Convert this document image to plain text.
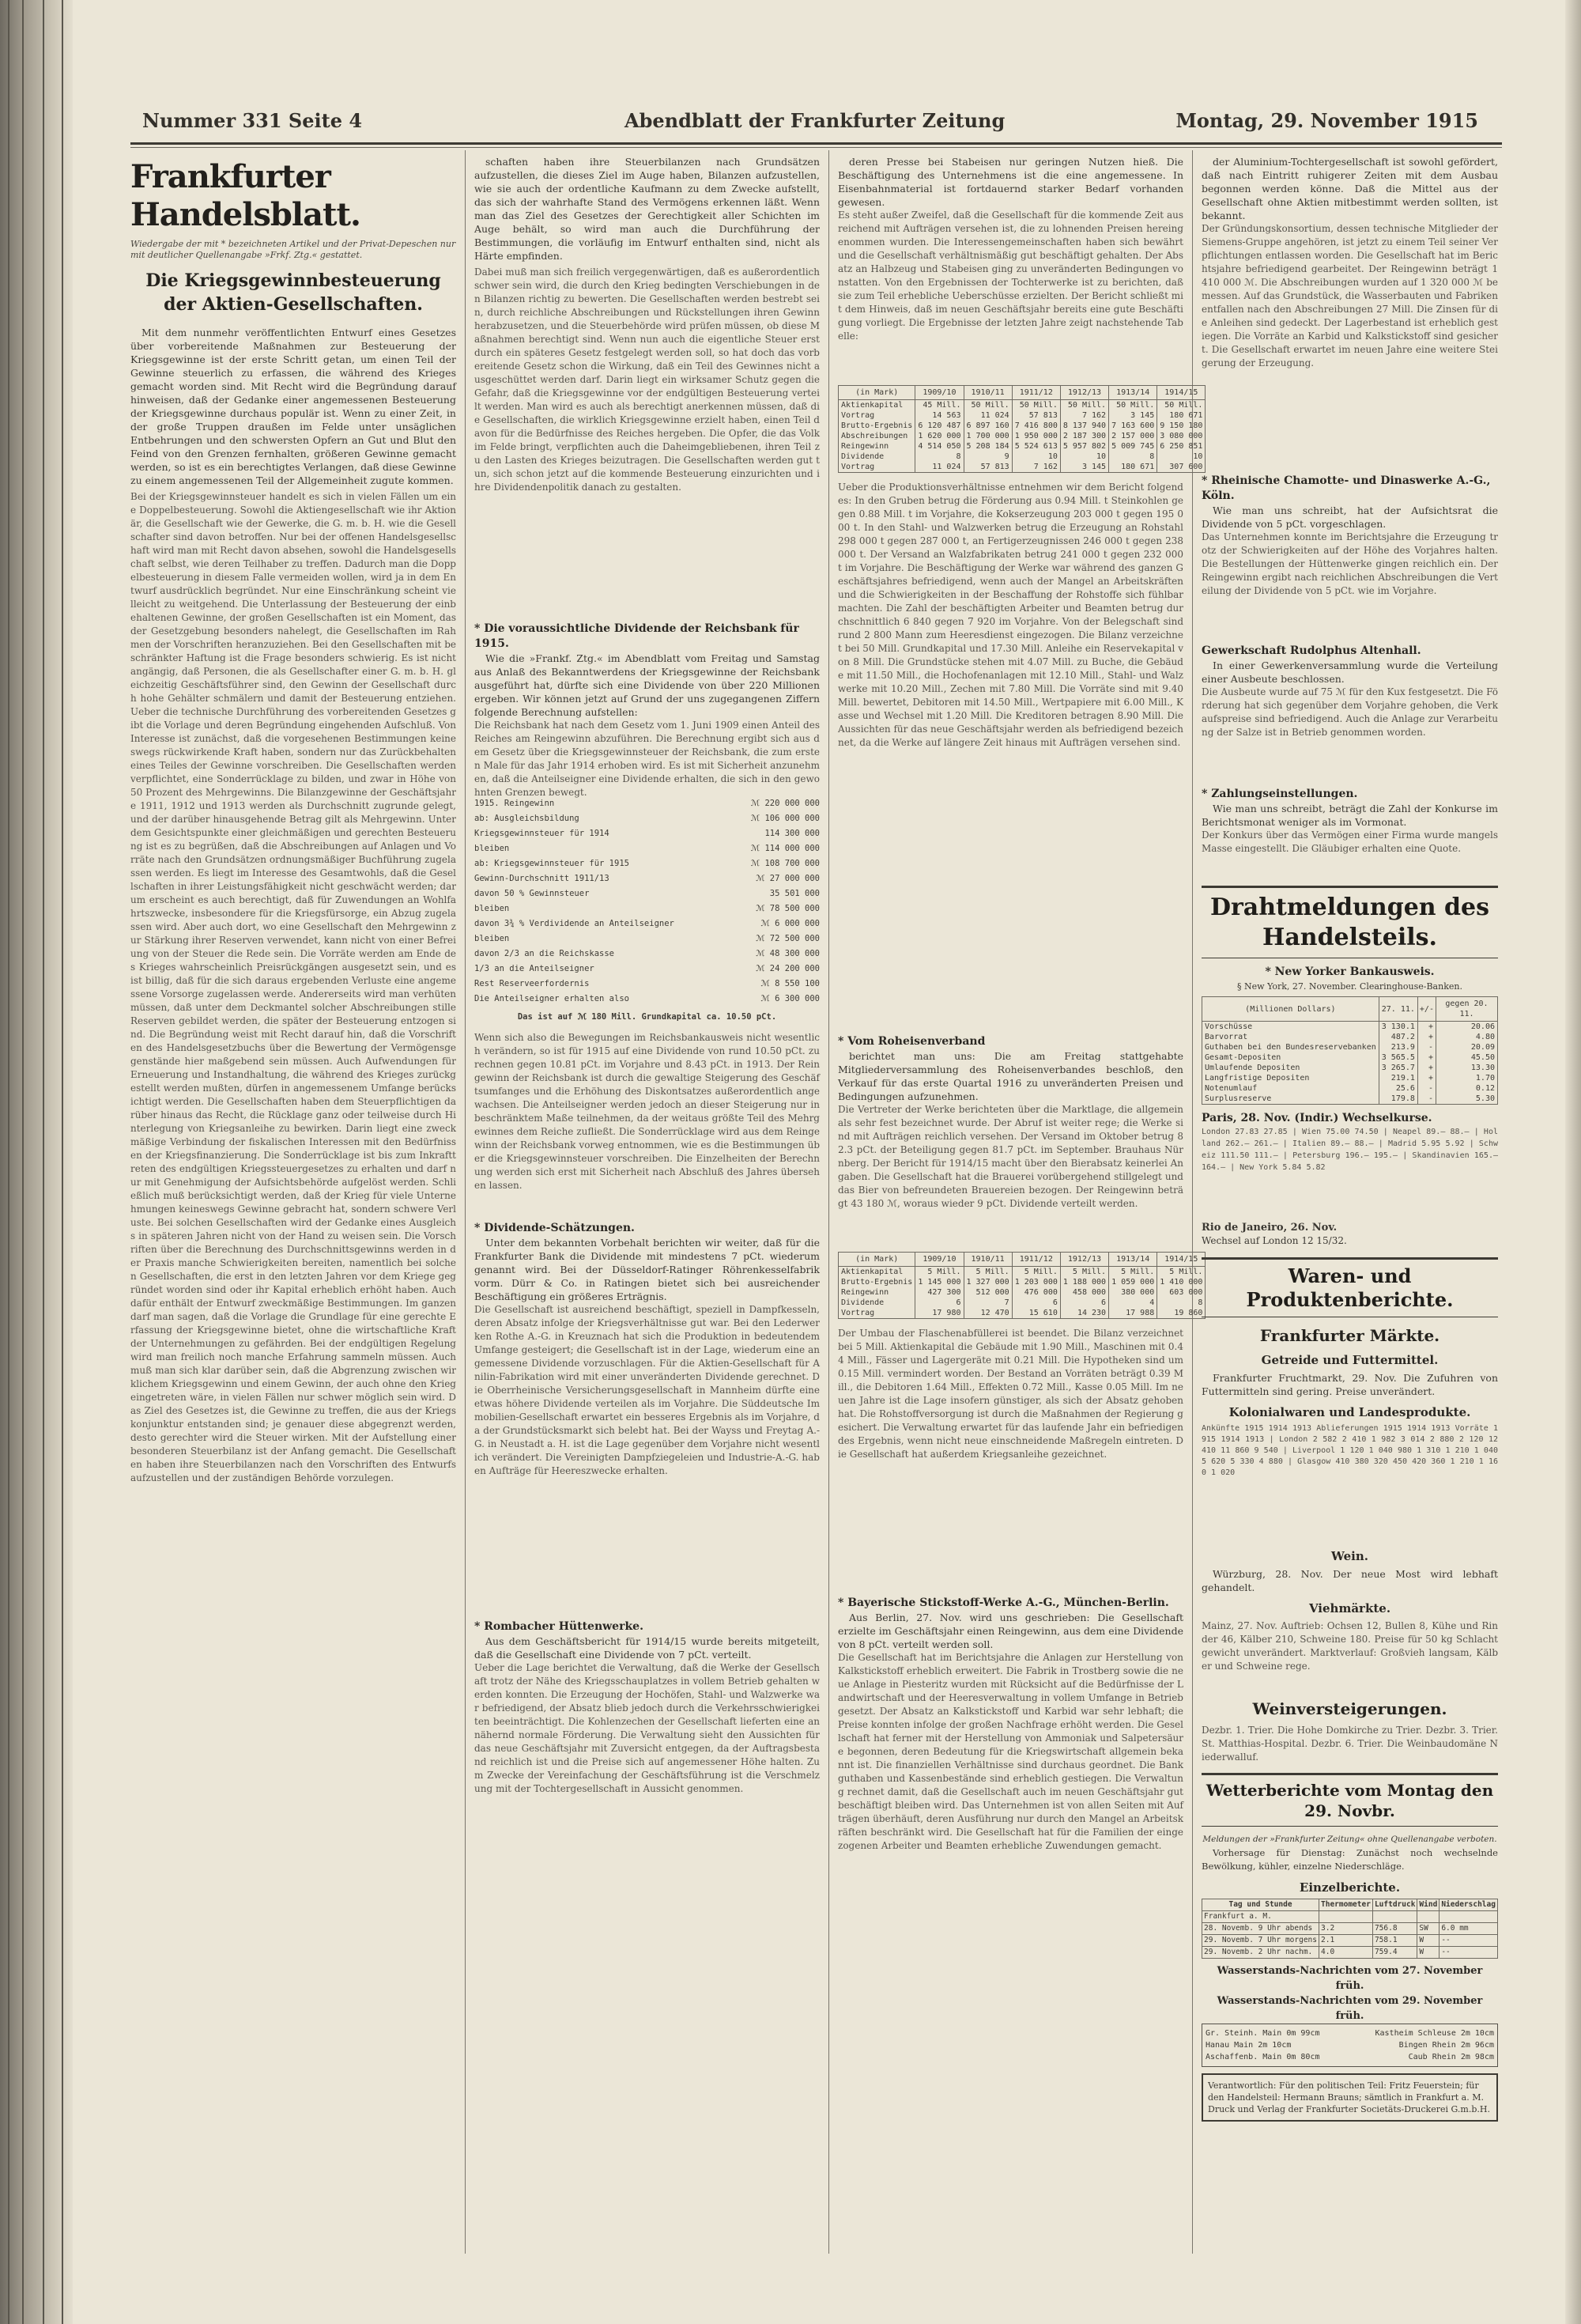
Nummer 331 Seite 4	Abendblatt der Frankfurter Zeitung	Montag, 29. November 1915
Frankfurter Handelsblatt.
Wiedergabe der mit * bezeichneten Artikel und der Privat-Depeschen nur mit deutlicher Quellenangabe »Frkf. Ztg.« gestattet.
Die Kriegsgewinnbesteuerung der Aktien-Gesellschaften.

Mit dem nunmehr veröffentlichten Entwurf eines Gesetzes über vorbereitende Maßnahmen zur Besteuerung der Kriegsgewinne ist der erste Schritt getan, um einen Teil der Gewinne steuerlich zu erfassen, die während des Krieges gemacht worden sind. Mit Recht wird die Begründung darauf hinweisen, daß der Gedanke einer angemessenen Besteuerung der Kriegsgewinne durchaus populär ist. Wenn zu einer Zeit, in der große Truppen draußen im Felde unter unsäglichen Entbehrungen und den schwersten Opfern an Gut und Blut den Feind von den Grenzen fernhalten, größeren Gewinne gemacht werden, so ist es ein berechtigtes Verlangen, daß diese Gewinne zu einem angemessenen Teil der Allgemeinheit zugute kommen.

Bei der Kriegsgewinnsteuer handelt es sich in vielen Fällen um eine Doppelbesteuerung. Sowohl die Aktiengesellschaft wie ihr Aktionär, die Gesellschaft wie der Gewerke, die G. m. b. H. wie die Gesellschafter sind davon betroffen. Nur bei der offenen Handelsgesellschaft wird man mit Recht davon absehen, sowohl die Handelsgesellschaft selbst, wie deren Teilhaber zu treffen. Dadurch man die Doppelbesteuerung in diesem Falle vermeiden wollen, wird ja in dem Entwurf ausdrücklich begründet. Nur eine Einschränkung scheint vielleicht zu weitgehend. Die Unterlassung der Besteuerung der einbehaltenen Gewinne, der großen Gesellschaften ist ein Moment, das der Gesetzgebung besonders nahelegt, die Gesellschaften im Rahmen der Vorschriften heranzuziehen. Bei den Gesellschaften mit beschränkter Haftung ist die Frage besonders schwierig. Es ist nicht angängig, daß Personen, die als Gesellschafter einer G. m. b. H. gleichzeitig Geschäftsführer sind, den Gewinn der Gesellschaft durch hohe Gehälter schmälern und damit der Besteuerung entziehen. Ueber die technische Durchführung des vorbereitenden Gesetzes gibt die Vorlage und deren Begründung eingehenden Aufschluß. Von Interesse ist zunächst, daß die vorgesehenen Bestimmungen keineswegs rückwirkende Kraft haben, sondern nur das Zurückbehalten eines Teiles der Gewinne vorschreiben. Die Gesellschaften werden verpflichtet, eine Sonderrücklage zu bilden, und zwar in Höhe von 50 Prozent des Mehrgewinns. Die Bilanzgewinne der Geschäftsjahre 1911, 1912 und 1913 werden als Durchschnitt zugrunde gelegt, und der darüber hinausgehende Betrag gilt als Mehrgewinn. Unter dem Gesichtspunkte einer gleichmäßigen und gerechten Besteuerung ist es zu begrüßen, daß die Abschreibungen auf Anlagen und Vorräte nach den Grundsätzen ordnungsmäßiger Buchführung zugelassen werden. Es liegt im Interesse des Gesamtwohls, daß die Gesellschaften in ihrer Leistungsfähigkeit nicht geschwächt werden; darum erscheint es auch berechtigt, daß für Zuwendungen an Wohlfahrtszwecke, insbesondere für die Kriegsfürsorge, ein Abzug zugelassen wird. Aber auch dort, wo eine Gesellschaft den Mehrgewinn zur Stärkung ihrer Reserven verwendet, kann nicht von einer Befreiung von der Steuer die Rede sein. Die Vorräte werden am Ende des Krieges wahrscheinlich Preisrückgängen ausgesetzt sein, und es ist billig, daß für die sich daraus ergebenden Verluste eine angemessene Vorsorge zugelassen werde. Andererseits wird man verhüten müssen, daß unter dem Deckmantel solcher Abschreibungen stille Reserven gebildet werden, die später der Besteuerung entzogen sind. Die Begründung weist mit Recht darauf hin, daß die Vorschriften des Handelsgesetzbuchs über die Bewertung der Vermögensgegenstände hier maßgebend sein müssen. Auch Aufwendungen für Erneuerung und Instandhaltung, die während des Krieges zurückgestellt werden mußten, dürfen in angemessenem Umfange berücksichtigt werden. Die Gesellschaften haben dem Steuerpflichtigen darüber hinaus das Recht, die Rücklage ganz oder teilweise durch Hinterlegung von Kriegsanleihe zu bewirken. Darin liegt eine zweckmäßige Verbindung der fiskalischen Interessen mit den Bedürfnissen der Kriegsfinanzierung. Die Sonderrücklage ist bis zum Inkrafttreten des endgültigen Kriegssteuergesetzes zu erhalten und darf nur mit Genehmigung der Aufsichtsbehörde aufgelöst werden. Schließlich muß berücksichtigt werden, daß der Krieg für viele Unternehmungen keineswegs Gewinne gebracht hat, sondern schwere Verluste. Bei solchen Gesellschaften wird der Gedanke eines Ausgleichs in späteren Jahren nicht von der Hand zu weisen sein. Die Vorschriften über die Berechnung des Durchschnittsgewinns werden in der Praxis manche Schwierigkeiten bereiten, namentlich bei solchen Gesellschaften, die erst in den letzten Jahren vor dem Kriege gegründet worden sind oder ihr Kapital erheblich erhöht haben. Auch dafür enthält der Entwurf zweckmäßige Bestimmungen. Im ganzen darf man sagen, daß die Vorlage die Grundlage für eine gerechte Erfassung der Kriegsgewinne bietet, ohne die wirtschaftliche Kraft der Unternehmungen zu gefährden. Bei der endgültigen Regelung wird man freilich noch manche Erfahrung sammeln müssen. Auch muß man sich klar darüber sein, daß die Abgrenzung zwischen wirklichem Kriegsgewinn und einem Gewinn, der auch ohne den Krieg eingetreten wäre, in vielen Fällen nur schwer möglich sein wird. Das Ziel des Gesetzes ist, die Gewinne zu treffen, die aus der Kriegskonjunktur entstanden sind; je genauer diese abgegrenzt werden, desto gerechter wird die Steuer wirken. Mit der Aufstellung einer besonderen Steuerbilanz ist der Anfang gemacht. Die Gesellschaften haben ihre Steuerbilanzen nach den Vorschriften des Entwurfs aufzustellen und der zuständigen Behörde vorzulegen.

schaften haben ihre Steuerbilanzen nach Grundsätzen aufzustellen, die dieses Ziel im Auge haben, Bilanzen aufzustellen, wie sie auch der ordentliche Kaufmann zu dem Zwecke aufstellt, das sich der wahrhafte Stand des Vermögens erkennen läßt. Wenn man das Ziel des Gesetzes der Gerechtigkeit aller Schichten im Auge behält, so wird man auch die Durchführung der Bestimmungen, die vorläufig im Entwurf enthalten sind, nicht als Härte empfinden.

Dabei muß man sich freilich vergegenwärtigen, daß es außerordentlich schwer sein wird, die durch den Krieg bedingten Verschiebungen in den Bilanzen richtig zu bewerten. Die Gesellschaften werden bestrebt sein, durch reichliche Abschreibungen und Rückstellungen ihren Gewinn herabzusetzen, und die Steuerbehörde wird prüfen müssen, ob diese Maßnahmen berechtigt sind. Wenn nun auch die eigentliche Steuer erst durch ein späteres Gesetz festgelegt werden soll, so hat doch das vorbereitende Gesetz schon die Wirkung, daß ein Teil des Gewinnes nicht ausgeschüttet werden darf. Darin liegt ein wirksamer Schutz gegen die Gefahr, daß die Kriegsgewinne vor der endgültigen Besteuerung verteilt werden. Man wird es auch als berechtigt anerkennen müssen, daß die Gesellschaften, die wirklich Kriegsgewinne erzielt haben, einen Teil davon für die Bedürfnisse des Reiches hergeben. Die Opfer, die das Volk im Felde bringt, verpflichten auch die Daheimgebliebenen, ihren Teil zu den Lasten des Krieges beizutragen. Die Gesellschaften werden gut tun, sich schon jetzt auf die kommende Besteuerung einzurichten und ihre Dividendenpolitik danach zu gestalten.
* Die voraussichtliche Dividende der Reichsbank für 1915.

Wie die »Frankf. Ztg.« im Abendblatt vom Freitag und Samstag aus Anlaß des Bekanntwerdens der Kriegsgewinne der Reichsbank ausgeführt hat, dürfte sich eine Dividende von über 220 Millionen ergeben. Wir können jetzt auf Grund der uns zugegangenen Ziffern folgende Berechnung aufstellen:

Die Reichsbank hat nach dem Gesetz vom 1. Juni 1909 einen Anteil des Reiches am Reingewinn abzuführen. Die Berechnung ergibt sich aus dem Gesetz über die Kriegsgewinnsteuer der Reichsbank, die zum ersten Male für das Jahr 1914 erhoben wird. Es ist mit Sicherheit anzunehmen, daß die Anteilseigner eine Dividende erhalten, die sich in den gewohnten Grenzen bewegt.
1915. Reingewinn	ℳ 220 000 000
ab: Ausgleichsbildung	ℳ 106 000 000
Kriegsgewinnsteuer für 1914	114 300 000
bleiben	ℳ 114 000 000
ab: Kriegsgewinnsteuer für 1915	ℳ 108 700 000
Gewinn-Durchschnitt 1911/13	ℳ 27 000 000
davon 50 % Gewinnsteuer	35 501 000
bleiben	ℳ 78 500 000
davon 3¾ % Verdividende an Anteilseigner	ℳ 6 000 000
bleiben	ℳ 72 500 000
davon 2/3 an die Reichskasse	ℳ 48 300 000
1/3 an die Anteilseigner	ℳ 24 200 000
Rest Reserveerfordernis	ℳ 8 550 100
Die Anteilseigner erhalten also	ℳ 6 300 000
Das ist auf ℳ 180 Mill. Grundkapital ca. 10.50 pCt.
Wenn sich also die Bewegungen im Reichsbankausweis nicht wesentlich verändern, so ist für 1915 auf eine Dividende von rund 10.50 pCt. zu rechnen gegen 10.81 pCt. im Vorjahre und 8.43 pCt. in 1913. Der Reingewinn der Reichsbank ist durch die gewaltige Steigerung des Geschäftsumfanges und die Erhöhung des Diskontsatzes außerordentlich angewachsen. Die Anteilseigner werden jedoch an dieser Steigerung nur in beschränktem Maße teilnehmen, da der weitaus größte Teil des Mehrgewinnes dem Reiche zufließt. Die Sonderrücklage wird aus dem Reingewinn der Reichsbank vorweg entnommen, wie es die Bestimmungen über die Kriegsgewinnsteuer vorschreiben. Die Einzelheiten der Berechnung werden sich erst mit Sicherheit nach Abschluß des Jahres übersehen lassen.
* Dividende-Schätzungen.

Unter dem bekannten Vorbehalt berichten wir weiter, daß für die Frankfurter Bank die Dividende mit mindestens 7 pCt. wiederum genannt wird. Bei der Düsseldorf-Ratinger Röhrenkesselfabrik vorm. Dürr & Co. in Ratingen bietet sich bei ausreichender Beschäftigung ein größeres Erträgnis.

Die Gesellschaft ist ausreichend beschäftigt, speziell in Dampfkesseln, deren Absatz infolge der Kriegsverhältnisse gut war. Bei den Lederwerken Rothe A.-G. in Kreuznach hat sich die Produktion in bedeutendem Umfange gesteigert; die Gesellschaft ist in der Lage, wiederum eine angemessene Dividende vorzuschlagen. Für die Aktien-Gesellschaft für Anilin-Fabrikation wird mit einer unveränderten Dividende gerechnet. Die Oberrheinische Versicherungsgesellschaft in Mannheim dürfte eine etwas höhere Dividende verteilen als im Vorjahre. Die Süddeutsche Immobilien-Gesellschaft erwartet ein besseres Ergebnis als im Vorjahre, da der Grundstücksmarkt sich belebt hat. Bei der Wayss und Freytag A.-G. in Neustadt a. H. ist die Lage gegenüber dem Vorjahre nicht wesentlich verändert. Die Vereinigten Dampfziegeleien und Industrie-A.-G. haben Aufträge für Heereszwecke erhalten.
* Rombacher Hüttenwerke.

Aus dem Geschäftsbericht für 1914/15 wurde bereits mitgeteilt, daß die Gesellschaft eine Dividende von 7 pCt. verteilt.

Ueber die Lage berichtet die Verwaltung, daß die Werke der Gesellschaft trotz der Nähe des Kriegsschauplatzes in vollem Betrieb gehalten werden konnten. Die Erzeugung der Hochöfen, Stahl- und Walzwerke war befriedigend, der Absatz blieb jedoch durch die Verkehrsschwierigkeiten beeinträchtigt. Die Kohlenzechen der Gesellschaft lieferten eine annähernd normale Förderung. Die Verwaltung sieht den Aussichten für das neue Geschäftsjahr mit Zuversicht entgegen, da der Auftragsbestand reichlich ist und die Preise sich auf angemessener Höhe halten. Zum Zwecke der Vereinfachung der Geschäftsführung ist die Verschmelzung mit der Tochtergesellschaft in Aussicht genommen.

deren Presse bei Stabeisen nur geringen Nutzen hieß. Die Beschäftigung des Unternehmens ist die eine angemessene. In Eisenbahnmaterial ist fortdauernd starker Bedarf vorhanden gewesen.

Es steht außer Zweifel, daß die Gesellschaft für die kommende Zeit ausreichend mit Aufträgen versehen ist, die zu lohnenden Preisen hereingenommen wurden. Die Interessengemeinschaften haben sich bewährt und die Gesellschaft verhältnismäßig gut beschäftigt gehalten. Der Absatz an Halbzeug und Stabeisen ging zu unveränderten Bedingungen vonstatten. Von den Ergebnissen der Tochterwerke ist zu berichten, daß sie zum Teil erhebliche Ueberschüsse erzielten. Der Bericht schließt mit dem Hinweis, daß im neuen Geschäftsjahr bereits eine gute Beschäftigung vorliegt. Die Ergebnisse der letzten Jahre zeigt nachstehende Tabelle:
(in Mark)	1909/10	1910/11	1911/12	1912/13	1913/14	1914/15
Aktienkapital	45 Mill.	50 Mill.	50 Mill.	50 Mill.	50 Mill.	50 Mill.
Vortrag	14 563	11 024	57 813	7 162	3 145	180 671
Brutto-Ergebnis	6 120 487	6 897 160	7 416 800	8 137 940	7 163 600	9 150 180
Abschreibungen	1 620 000	1 700 000	1 950 000	2 187 300	2 157 000	3 080 000
Reingewinn	4 514 050	5 208 184	5 524 613	5 957 802	5 009 745	6 250 851
Dividende	8	9	10	10	8	10
Vortrag	11 024	57 813	7 162	3 145	180 671	307 600
Ueber die Produktionsverhältnisse entnehmen wir dem Bericht folgendes: In den Gruben betrug die Förderung aus 0.94 Mill. t Steinkohlen gegen 0.88 Mill. t im Vorjahre, die Kokserzeugung 203 000 t gegen 195 000 t. In den Stahl- und Walzwerken betrug die Erzeugung an Rohstahl 298 000 t gegen 287 000 t, an Fertigerzeugnissen 246 000 t gegen 238 000 t. Der Versand an Walzfabrikaten betrug 241 000 t gegen 232 000 t im Vorjahre. Die Beschäftigung der Werke war während des ganzen Geschäftsjahres befriedigend, wenn auch der Mangel an Arbeitskräften und die Schwierigkeiten in der Beschaffung der Rohstoffe sich fühlbar machten. Die Zahl der beschäftigten Arbeiter und Beamten betrug durchschnittlich 6 840 gegen 7 920 im Vorjahre. Von der Belegschaft sind rund 2 800 Mann zum Heeresdienst eingezogen. Die Bilanz verzeichnet bei 50 Mill. Grundkapital und 17.30 Mill. Anleihe ein Reservekapital von 8 Mill. Die Grundstücke stehen mit 4.07 Mill. zu Buche, die Gebäude mit 11.50 Mill., die Hochofenanlagen mit 12.10 Mill., Stahl- und Walzwerke mit 10.20 Mill., Zechen mit 7.80 Mill. Die Vorräte sind mit 9.40 Mill. bewertet, Debitoren mit 14.50 Mill., Wertpapiere mit 6.00 Mill., Kasse und Wechsel mit 1.20 Mill. Die Kreditoren betragen 8.90 Mill. Die Aussichten für das neue Geschäftsjahr werden als befriedigend bezeichnet, da die Werke auf längere Zeit hinaus mit Aufträgen versehen sind.
* Vom Roheisenverband

berichtet man uns: Die am Freitag stattgehabte Mitgliederversammlung des Roheisenverbandes beschloß, den Verkauf für das erste Quartal 1916 zu unveränderten Preisen und Bedingungen aufzunehmen.

Die Vertreter der Werke berichteten über die Marktlage, die allgemein als sehr fest bezeichnet wurde. Der Abruf ist weiter rege; die Werke sind mit Aufträgen reichlich versehen. Der Versand im Oktober betrug 82.3 pCt. der Beteiligung gegen 81.7 pCt. im September. Brauhaus Nürnberg. Der Bericht für 1914/15 macht über den Bierabsatz keinerlei Angaben. Die Gesellschaft hat die Brauerei vorübergehend stillgelegt und das Bier von befreundeten Brauereien bezogen. Der Reingewinn beträgt 43 180 ℳ, woraus wieder 9 pCt. Dividende verteilt werden.
(in Mark)	1909/10	1910/11	1911/12	1912/13	1913/14	1914/15
Aktienkapital	5 Mill.	5 Mill.	5 Mill.	5 Mill.	5 Mill.	5 Mill.
Brutto-Ergebnis	1 145 000	1 327 000	1 203 000	1 188 000	1 059 000	1 410 000
Reingewinn	427 300	512 000	476 000	458 000	380 000	603 000
Dividende	6	7	6	6	4	8
Vortrag	17 980	12 470	15 610	14 230	17 988	19 860
Der Umbau der Flaschenabfüllerei ist beendet. Die Bilanz verzeichnet bei 5 Mill. Aktienkapital die Gebäude mit 1.90 Mill., Maschinen mit 0.44 Mill., Fässer und Lagergeräte mit 0.21 Mill. Die Hypotheken sind um 0.15 Mill. vermindert worden. Der Bestand an Vorräten beträgt 0.39 Mill., die Debitoren 1.64 Mill., Effekten 0.72 Mill., Kasse 0.05 Mill. Im neuen Jahre ist die Lage insofern günstiger, als sich der Absatz gehoben hat. Die Rohstoffversorgung ist durch die Maßnahmen der Regierung gesichert. Die Verwaltung erwartet für das laufende Jahr ein befriedigendes Ergebnis, wenn nicht neue einschneidende Maßregeln eintreten. Die Gesellschaft hat außerdem Kriegsanleihe gezeichnet.
* Bayerische Stickstoff-Werke A.-G., München-Berlin.

Aus Berlin, 27. Nov. wird uns geschrieben: Die Gesellschaft erzielte im Geschäftsjahr einen Reingewinn, aus dem eine Dividende von 8 pCt. verteilt werden soll.

Die Gesellschaft hat im Berichtsjahre die Anlagen zur Herstellung von Kalkstickstoff erheblich erweitert. Die Fabrik in Trostberg sowie die neue Anlage in Piesteritz wurden mit Rücksicht auf die Bedürfnisse der Landwirtschaft und der Heeresverwaltung in vollem Umfange in Betrieb gesetzt. Der Absatz an Kalkstickstoff und Karbid war sehr lebhaft; die Preise konnten infolge der großen Nachfrage erhöht werden. Die Gesellschaft hat ferner mit der Herstellung von Ammoniak und Salpetersäure begonnen, deren Bedeutung für die Kriegswirtschaft allgemein bekannt ist. Die finanziellen Verhältnisse sind durchaus geordnet. Die Bankguthaben und Kassenbestände sind erheblich gestiegen. Die Verwaltung rechnet damit, daß die Gesellschaft auch im neuen Geschäftsjahr gut beschäftigt bleiben wird. Das Unternehmen ist von allen Seiten mit Aufträgen überhäuft, deren Ausführung nur durch den Mangel an Arbeitskräften beschränkt wird. Die Gesellschaft hat für die Familien der eingezogenen Arbeiter und Beamten erhebliche Zuwendungen gemacht.

der Aluminium-Tochtergesellschaft ist sowohl gefördert, daß nach Eintritt ruhigerer Zeiten mit dem Ausbau begonnen werden könne. Daß die Mittel aus der Gesellschaft ohne Aktien mitbestimmt werden sollten, ist bekannt.

Der Gründungskonsortium, dessen technische Mitglieder der Siemens-Gruppe angehören, ist jetzt zu einem Teil seiner Verpflichtungen entlassen worden. Die Gesellschaft hat im Berichtsjahre befriedigend gearbeitet. Der Reingewinn beträgt 1 410 000 ℳ. Die Abschreibungen wurden auf 1 320 000 ℳ bemessen. Auf das Grundstück, die Wasserbauten und Fabriken entfallen nach den Abschreibungen 27 Mill. Die Zinsen für die Anleihen sind gedeckt. Der Lagerbestand ist erheblich gestiegen. Die Vorräte an Karbid und Kalkstickstoff sind gesichert. Die Gesellschaft erwartet im neuen Jahre eine weitere Steigerung der Erzeugung.
* Rheinische Chamotte- und Dinaswerke A.-G., Köln.

Wie man uns schreibt, hat der Aufsichtsrat die Dividende von 5 pCt. vorgeschlagen.

Das Unternehmen konnte im Berichtsjahre die Erzeugung trotz der Schwierigkeiten auf der Höhe des Vorjahres halten. Die Bestellungen der Hüttenwerke gingen reichlich ein. Der Reingewinn ergibt nach reichlichen Abschreibungen die Verteilung der Dividende von 5 pCt. wie im Vorjahre.
Gewerkschaft Rudolphus Altenhall.

In einer Gewerkenversammlung wurde die Verteilung einer Ausbeute beschlossen.

Die Ausbeute wurde auf 75 ℳ für den Kux festgesetzt. Die Förderung hat sich gegenüber dem Vorjahre gehoben, die Verkaufspreise sind befriedigend. Auch die Anlage zur Verarbeitung der Salze ist in Betrieb genommen worden.
* Zahlungseinstellungen.

Wie man uns schreibt, beträgt die Zahl der Konkurse im Berichtsmonat weniger als im Vormonat.

Der Konkurs über das Vermögen einer Firma wurde mangels Masse eingestellt. Die Gläubiger erhalten eine Quote.
Drahtmeldungen des Handelsteils.
* New Yorker Bankausweis.
§ New York, 27. November. Clearinghouse-Banken.
(Millionen Dollars)	27. 11.	+/-	gegen 20. 11.
Vorschüsse	3 130.1	+	20.06
Barvorrat	487.2	+	4.80
Guthaben bei den Bundesreservebanken	213.9	-	20.09
Gesamt-Depositen	3 565.5	+	45.50
Umlaufende Depositen	3 265.7	+	13.30
Langfristige Depositen	219.1	+	1.70
Notenumlauf	25.6	-	0.12
Surplusreserve	179.8	-	5.30
Paris, 28. Nov. (Indir.) Wechselkurse.
London 27.83 27.85 | Wien 75.00 74.50 | Neapel 89.— 88.— | Holland 262.— 261.— | Italien 89.— 88.— | Madrid 5.95 5.92 | Schweiz 111.50 111.— | Petersburg 196.— 195.— | Skandinavien 165.— 164.— | New York 5.84 5.82
Rio de Janeiro, 26. Nov.
Wechsel auf London 12 15/32.
Waren- und Produktenberichte.
Frankfurter Märkte.
Getreide und Futtermittel.

Frankfurter Fruchtmarkt, 29. Nov. Die Zufuhren von Futtermitteln sind gering. Preise unverändert.

Kolonialwaren und Landesprodukte.
Ankünfte 1915 1914 1913 Ablieferungen 1915 1914 1913 Vorräte 1915 1914 1913 | London 2 582 2 410 1 982 3 014 2 880 2 120 12 410 11 860 9 540 | Liverpool 1 120 1 040 980 1 310 1 210 1 040 5 620 5 330 4 880 | Glasgow 410 380 320 450 420 360 1 210 1 160 1 020
Wein.

Würzburg, 28. Nov. Der neue Most wird lebhaft gehandelt.

Viehmärkte.
Mainz, 27. Nov. Auftrieb: Ochsen 12, Bullen 8, Kühe und Rinder 46, Kälber 210, Schweine 180. Preise für 50 kg Schlachtgewicht unverändert. Marktverlauf: Großvieh langsam, Kälber und Schweine rege.
Weinversteigerungen.
Dezbr. 1. Trier. Die Hohe Domkirche zu Trier. Dezbr. 3. Trier. St. Matthias-Hospital. Dezbr. 6. Trier. Die Weinbaudomäne Niederwalluf.
Wetterberichte vom Montag den 29. Novbr.
Meldungen der »Frankfurter Zeitung« ohne Quellenangabe verboten.

Vorhersage für Dienstag: Zunächst noch wechselnde Bewölkung, kühler, einzelne Niederschläge.

Einzelberichte.
Tag und Stunde	Thermometer	Luftdruck	Wind	Niederschlag
Frankfurt a. M.				
28. Novemb. 9 Uhr abends	3.2	756.8	SW	6.0 mm
29. Novemb. 7 Uhr morgens	2.1	758.1	W	--
29. Novemb. 2 Uhr nachm.	4.0	759.4	W	--
Wasserstands-Nachrichten vom 27. November früh.
Wasserstands-Nachrichten vom 29. November früh.
Gr. Steinh. Main 0m 99cm	Kastheim Schleuse 2m 10cm
Hanau Main 2m 10cm	Bingen Rhein 2m 96cm
Aschaffenb. Main 0m 80cm	Caub Rhein 2m 98cm
Verantwortlich: Für den politischen Teil: Fritz Feuerstein; für den Handelsteil: Hermann Brauns; sämtlich in Frankfurt a. M. Druck und Verlag der Frankfurter Societäts-Druckerei G.m.b.H.
